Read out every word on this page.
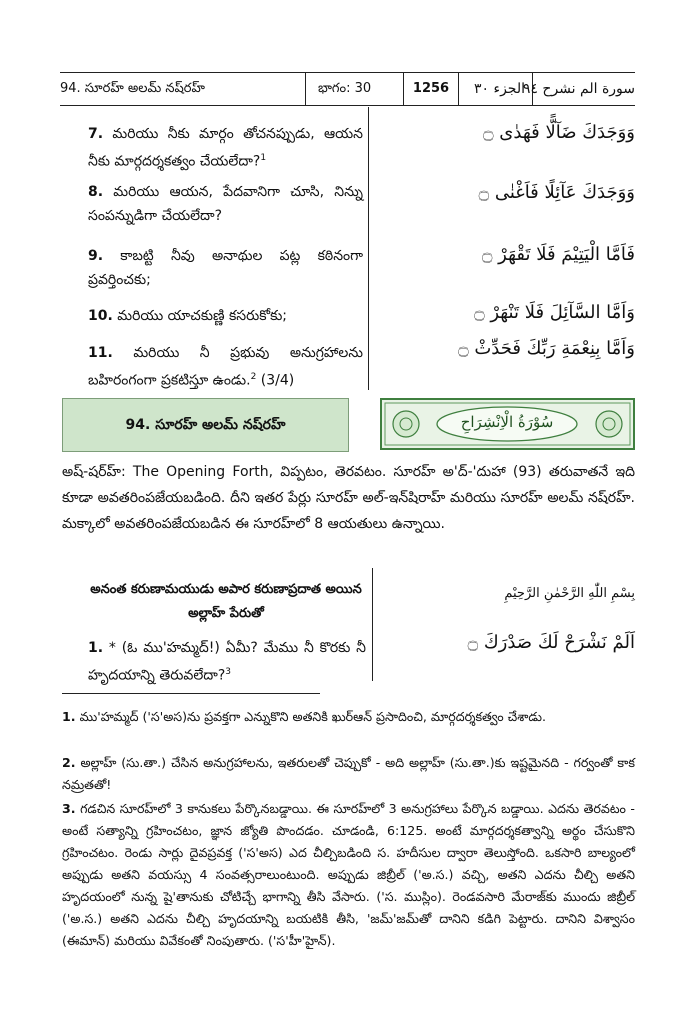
94. సూరహ్ అలమ్ నష్‌రహ్	భాగం: 30	1256	الجزء ٣٠
سورة الم نشرح ٩٤
7. మరియు నీకు మార్గం తోచనప్పుడు, ఆయన నీకు మార్గదర్శకత్వం చేయలేదా?$^1$
وَوَجَدَكَ ضَآلًّا فَهَدٰى ۝
8. మరియు ఆయన, పేదవానిగా చూసి, నిన్ను సంపన్నుడిగా చేయలేదా?
وَوَجَدَكَ عَآئِلًا فَاَغْنٰى ۝
9. కాబట్టి నీవు అనాథుల పట్ల కఠినంగా ప్రవర్తించకు;
فَاَمَّا الْيَتِيْمَ فَلَا تَقْهَرْ ۝
10. మరియు యాచకుణ్ణి కసరుకోకు;	وَاَمَّا السَّآئِلَ فَلَا تَنْهَرْ ۝
11. మరియు నీ ప్రభువు అనుగ్రహాలను బహిరంగంగా ప్రకటిస్తూ ఉండు.$^2$ (3/4)
وَاَمَّا بِنِعْمَةِ رَبِّكَ فَحَدِّثْ ۝
94. సూరహ్ అలమ్ నష్‌రహ్	سُوْرَةُ الْاِنْشِرَاحِ
అష్-షర్‌హ్: The Opening Forth, విప్పటం, తెరవటం. సూరహ్ అ'ద్-'దుహా (93) తరువాతనే ఇది కూడా అవతరింపజేయబడింది. దీని ఇతర పేర్లు సూరహ్ అల్-ఇన్‌షిరాహ్ మరియు సూరహ్ అలమ్ నష్‌రహ్. మక్కాలో అవతరింపజేయబడిన ఈ సూరహ్‌లో 8 ఆయతులు ఉన్నాయి.
అనంత కరుణామయుడు అపార కరుణాప్రదాత అయిన అల్లాహ్ పేరుతో
بِسْمِ اللّٰهِ الرَّحْمٰنِ الرَّحِيْمِ
1. * (ఓ ము'హమ్మద్!) ఏమీ? మేము నీ కొరకు నీ హృదయాన్ని తెరువలేదా?$^3$
اَلَمْ نَشْرَحْ لَكَ صَدْرَكَ ۝
1. ము'హమ్మద్ ('స'అస)ను ప్రవక్తగా ఎన్నుకొని అతనికి ఖుర్ఆన్ ప్రసాదించి, మార్గదర్శకత్వం చేశాడు.
2. అల్లాహ్ (సు.తా.) చేసిన అనుగ్రహాలను, ఇతరులతో చెప్పుకో - అది అల్లాహ్ (సు.తా.)కు ఇష్టమైనది - గర్వంతో కాక నమ్రతతో!
3. గడచిన సూరహ్‌లో 3 కానుకలు పేర్కొనబడ్డాయి. ఈ సూరహ్‌లో 3 అనుగ్రహాలు పేర్కొన బడ్డాయి. ఎదను తెరవటం - అంటే సత్యాన్ని గ్రహించటం, జ్ఞాన జ్యోతి పొందడం. చూడండి, 6:125. అంటే మార్గదర్శకత్వాన్ని అర్థం చేసుకొని గ్రహించటం. రెండు సార్లు దైవప్రవక్త ('స'అస) ఎద చీల్చిబడింది స. హదీసుల ద్వారా తెలుస్తోంది. ఒకసారి బాల్యంలో అప్పుడు అతని వయస్సు 4 సంవత్సరాలుంటుంది. అప్పుడు జిబ్రీల్ ('అ.స.) వచ్చి, అతని ఎదను చీల్చి అతని హృదయంలో నున్న షై'తానుకు చోటిచ్చే భాగాన్ని తీసి వేసారు. ('స. ముస్లిం). రెండవసారి మేరాజ్‌కు ముందు జిబ్రీల్ ('అ.స.) అతని ఎదను చీల్చి హృదయాన్ని బయటికి తీసి, 'జమ్'జమ్‌తో దానిని కడిగి పెట్టారు. దానిని విశ్వాసం (ఈమాన్) మరియు వివేకంతో నింపుతారు. ('స'హీ'హైన్).
